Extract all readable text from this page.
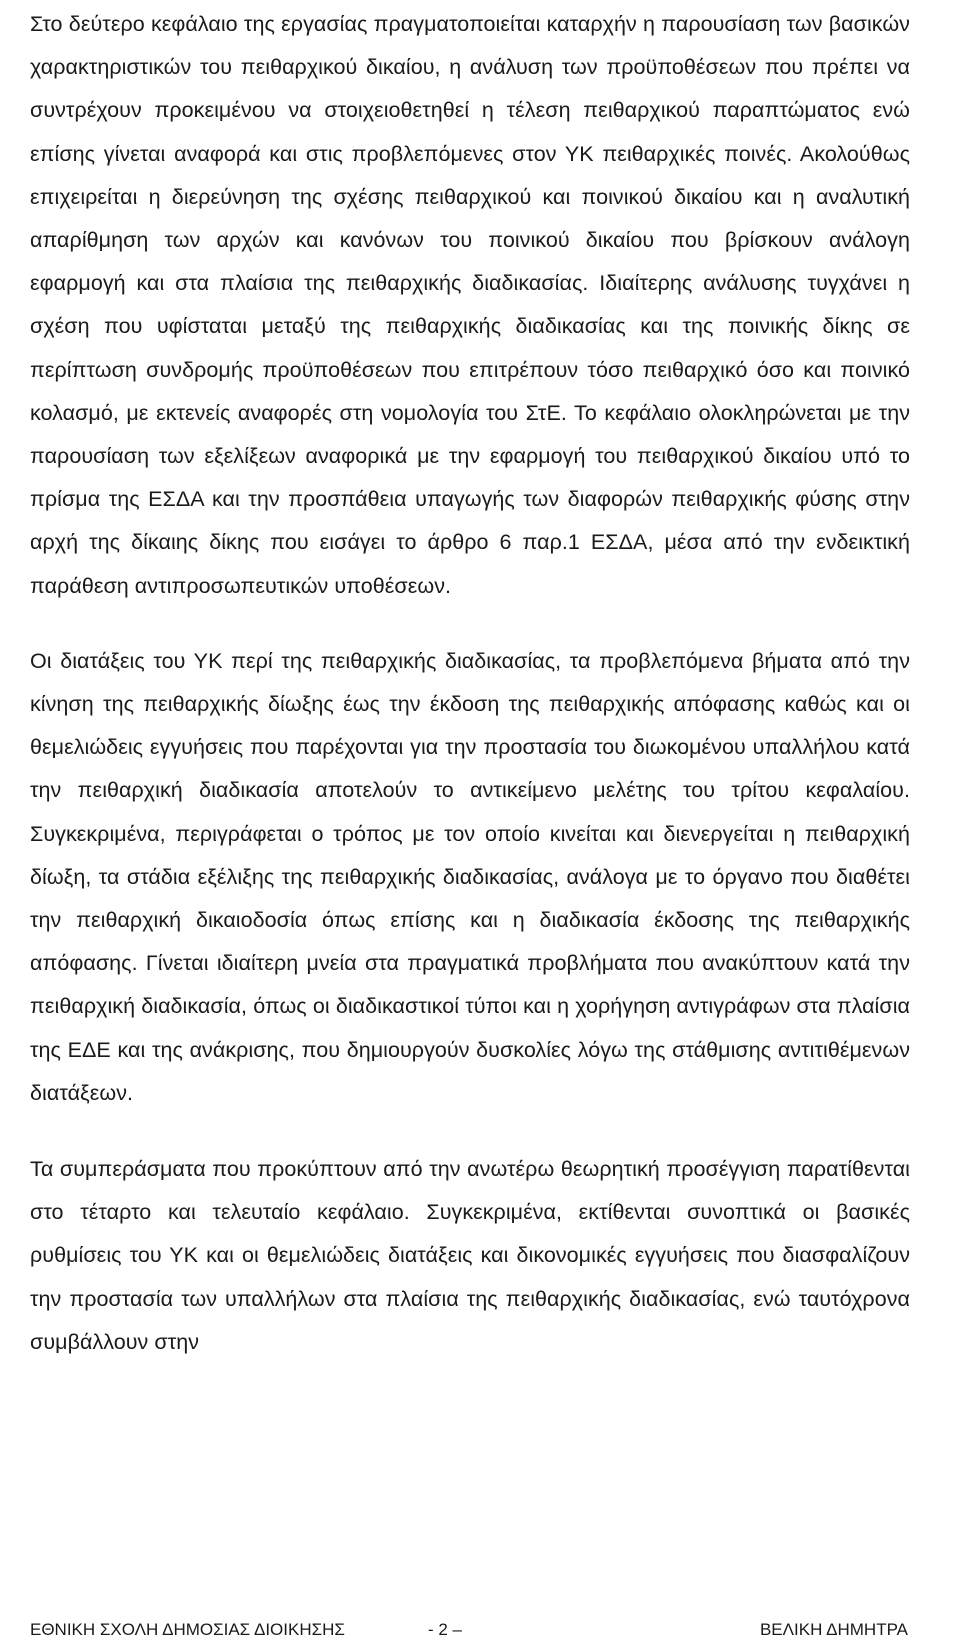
Στο δεύτερο κεφάλαιο της εργασίας πραγματοποιείται καταρχήν η παρουσίαση των βασικών χαρακτηριστικών του πειθαρχικού δικαίου, η ανάλυση των προϋποθέσεων που πρέπει να συντρέχουν προκειμένου να στοιχειοθετηθεί η τέλεση πειθαρχικού παραπτώματος ενώ επίσης γίνεται αναφορά και στις προβλεπόμενες στον ΥΚ πειθαρχικές ποινές. Ακολούθως επιχειρείται η διερεύνηση της σχέσης πειθαρχικού και ποινικού δικαίου και η αναλυτική απαρίθμηση των αρχών και κανόνων του ποινικού δικαίου που βρίσκουν ανάλογη εφαρμογή και στα πλαίσια της πειθαρχικής διαδικασίας. Ιδιαίτερης ανάλυσης τυγχάνει η σχέση που υφίσταται μεταξύ της πειθαρχικής διαδικασίας και της ποινικής δίκης σε περίπτωση συνδρομής προϋποθέσεων που επιτρέπουν τόσο πειθαρχικό όσο και ποινικό κολασμό, με εκτενείς αναφορές στη νομολογία του ΣτΕ. Το κεφάλαιο ολοκληρώνεται με την παρουσίαση των εξελίξεων αναφορικά με την εφαρμογή του πειθαρχικού δικαίου υπό το πρίσμα της ΕΣΔΑ και την προσπάθεια υπαγωγής των διαφορών πειθαρχικής φύσης στην αρχή της δίκαιης δίκης που εισάγει το άρθρο 6 παρ.1 ΕΣΔΑ, μέσα από την ενδεικτική παράθεση αντιπροσωπευτικών υποθέσεων.

Οι διατάξεις του ΥΚ περί της πειθαρχικής διαδικασίας, τα προβλεπόμενα βήματα από την κίνηση της πειθαρχικής δίωξης έως την έκδοση της πειθαρχικής απόφασης καθώς και οι θεμελιώδεις εγγυήσεις που παρέχονται για την προστασία του διωκομένου υπαλλήλου κατά την πειθαρχική διαδικασία αποτελούν το αντικείμενο μελέτης του τρίτου κεφαλαίου. Συγκεκριμένα, περιγράφεται ο τρόπος με τον οποίο κινείται και διενεργείται η πειθαρχική δίωξη, τα στάδια εξέλιξης της πειθαρχικής διαδικασίας, ανάλογα με το όργανο που διαθέτει την πειθαρχική δικαιοδοσία όπως επίσης και η διαδικασία έκδοσης της πειθαρχικής απόφασης. Γίνεται ιδιαίτερη μνεία στα πραγματικά προβλήματα που ανακύπτουν κατά την πειθαρχική διαδικασία, όπως οι διαδικαστικοί τύποι και η χορήγηση αντιγράφων στα πλαίσια της ΕΔΕ και της ανάκρισης, που δημιουργούν δυσκολίες λόγω της στάθμισης αντιτιθέμενων διατάξεων.

Τα συμπεράσματα που προκύπτουν από την ανωτέρω θεωρητική προσέγγιση παρατίθενται στο τέταρτο και τελευταίο κεφάλαιο. Συγκεκριμένα, εκτίθενται συνοπτικά οι βασικές ρυθμίσεις του ΥΚ και οι θεμελιώδεις διατάξεις και δικονομικές εγγυήσεις που διασφαλίζουν την προστασία των υπαλλήλων στα πλαίσια της πειθαρχικής διαδικασίας, ενώ ταυτόχρονα συμβάλλουν στην

ΕΘΝΙΚΗ ΣΧΟΛΗ ΔΗΜΟΣΙΑΣ ΔΙΟΙΚΗΣΗΣ	- 2 –	ΒΕΛΙΚΗ ΔΗΜΗΤΡΑ
